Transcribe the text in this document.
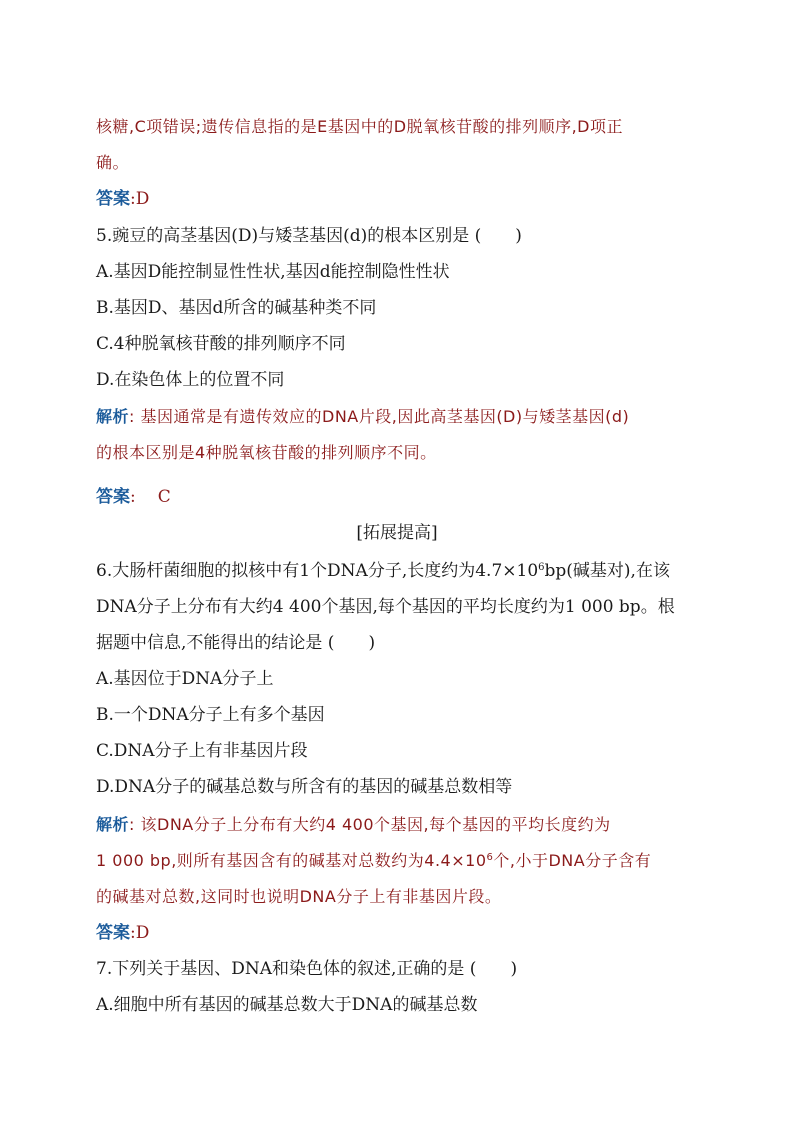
核糖,C项错误;遗传信息指的是E基因中的D脱氧核苷酸的排列顺序,D项正
确。
答案:D
5.豌豆的高茎基因(D)与矮茎基因(d)的根本区别是 (　　)
A.基因D能控制显性性状,基因d能控制隐性性状
B.基因D、基因d所含的碱基种类不同
C.4种脱氧核苷酸的排列顺序不同
D.在染色体上的位置不同
解析: 基因通常是有遗传效应的DNA片段,因此高茎基因(D)与矮茎基因(d)
的根本区别是4种脱氧核苷酸的排列顺序不同。
答案: C
[拓展提高]
6.大肠杆菌细胞的拟核中有1个DNA分子,长度约为$4.7\times 10^6bp$(碱基对),在该
DNA分子上分布有大约4 400个基因,每个基因的平均长度约为1 000 bp。根
据题中信息,不能得出的结论是 (　　)
A.基因位于DNA分子上
B.一个DNA分子上有多个基因
C.DNA分子上有非基因片段
D.DNA分子的碱基总数与所含有的基因的碱基总数相等
解析: 该DNA分子上分布有大约4 400个基因,每个基因的平均长度约为
1 000 bp,则所有基因含有的碱基对总数约为$4.4\times 10^6$个,小于DNA分子含有
的碱基对总数,这同时也说明DNA分子上有非基因片段。
答案:D
7.下列关于基因、DNA和染色体的叙述,正确的是 (　　)
A.细胞中所有基因的碱基总数大于DNA的碱基总数
